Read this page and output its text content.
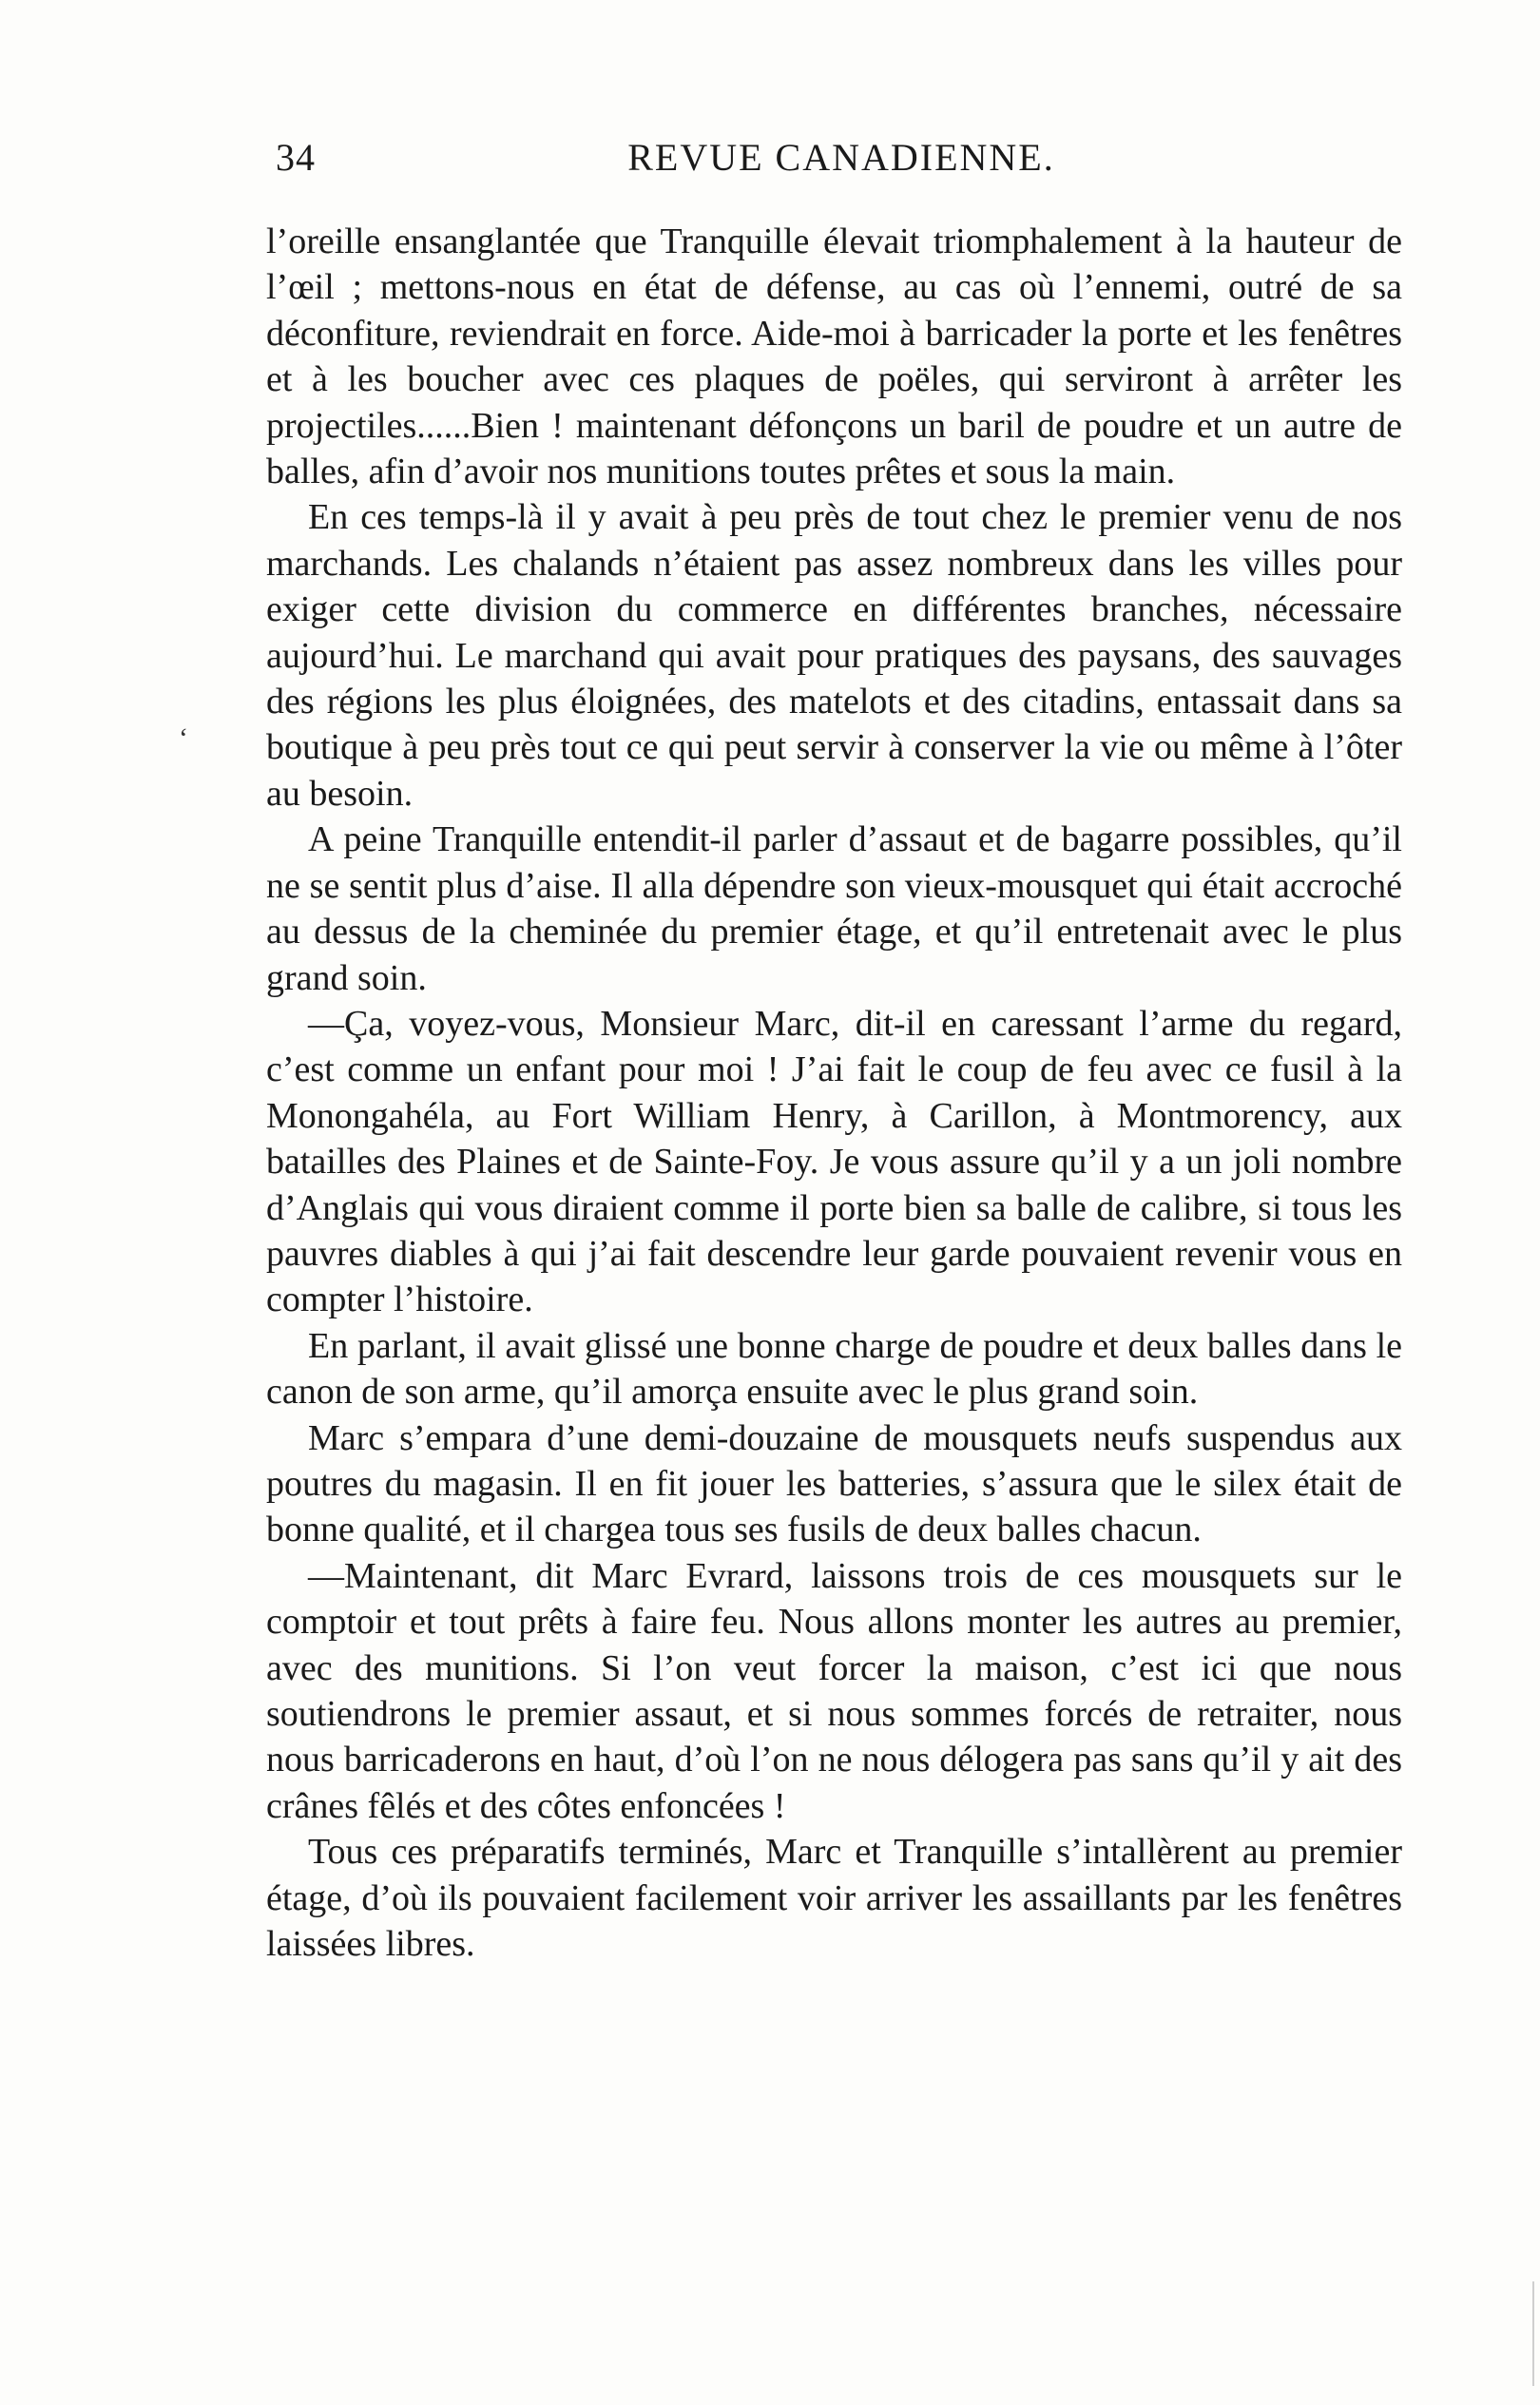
34	REVUE CANADIENNE.
‘

l’oreille ensanglantée que Tranquille élevait triomphalement à la hauteur de l’œil ; mettons-nous en état de défense, au cas où l’ennemi, outré de sa déconfiture, reviendrait en force. Aide-moi à barricader la porte et les fenêtres et à les boucher avec ces plaques de poëles, qui serviront à arrêter les projectiles......Bien ! maintenant défonçons un baril de poudre et un autre de balles, afin d’avoir nos munitions toutes prêtes et sous la main.

En ces temps-là il y avait à peu près de tout chez le premier venu de nos marchands. Les chalands n’étaient pas assez nombreux dans les villes pour exiger cette division du commerce en différentes branches, nécessaire aujourd’hui. Le marchand qui avait pour pratiques des paysans, des sauvages des régions les plus éloignées, des matelots et des citadins, entassait dans sa boutique à peu près tout ce qui peut servir à conserver la vie ou même à l’ôter au besoin.

A peine Tranquille entendit-il parler d’assaut et de bagarre possibles, qu’il ne se sentit plus d’aise. Il alla dépendre son vieux-mousquet qui était accroché au dessus de la cheminée du premier étage, et qu’il entretenait avec le plus grand soin.

—Ça, voyez-vous, Monsieur Marc, dit-il en caressant l’arme du regard, c’est comme un enfant pour moi ! J’ai fait le coup de feu avec ce fusil à la Monongahéla, au Fort William Henry, à Carillon, à Montmorency, aux batailles des Plaines et de Sainte-Foy. Je vous assure qu’il y a un joli nombre d’Anglais qui vous diraient comme il porte bien sa balle de calibre, si tous les pauvres diables à qui j’ai fait descendre leur garde pouvaient revenir vous en compter l’histoire.

En parlant, il avait glissé une bonne charge de poudre et deux balles dans le canon de son arme, qu’il amorça ensuite avec le plus grand soin.

Marc s’empara d’une demi-douzaine de mousquets neufs suspendus aux poutres du magasin. Il en fit jouer les batteries, s’assura que le silex était de bonne qualité, et il chargea tous ses fusils de deux balles chacun.

—Maintenant, dit Marc Evrard, laissons trois de ces mousquets sur le comptoir et tout prêts à faire feu. Nous allons monter les autres au premier, avec des munitions. Si l’on veut forcer la maison, c’est ici que nous soutiendrons le premier assaut, et si nous sommes forcés de retraiter, nous nous barricaderons en haut, d’où l’on ne nous délogera pas sans qu’il y ait des crânes fêlés et des côtes enfoncées !

Tous ces préparatifs terminés, Marc et Tranquille s’intallèrent au premier étage, d’où ils pouvaient facilement voir arriver les assaillants par les fenêtres laissées libres.
